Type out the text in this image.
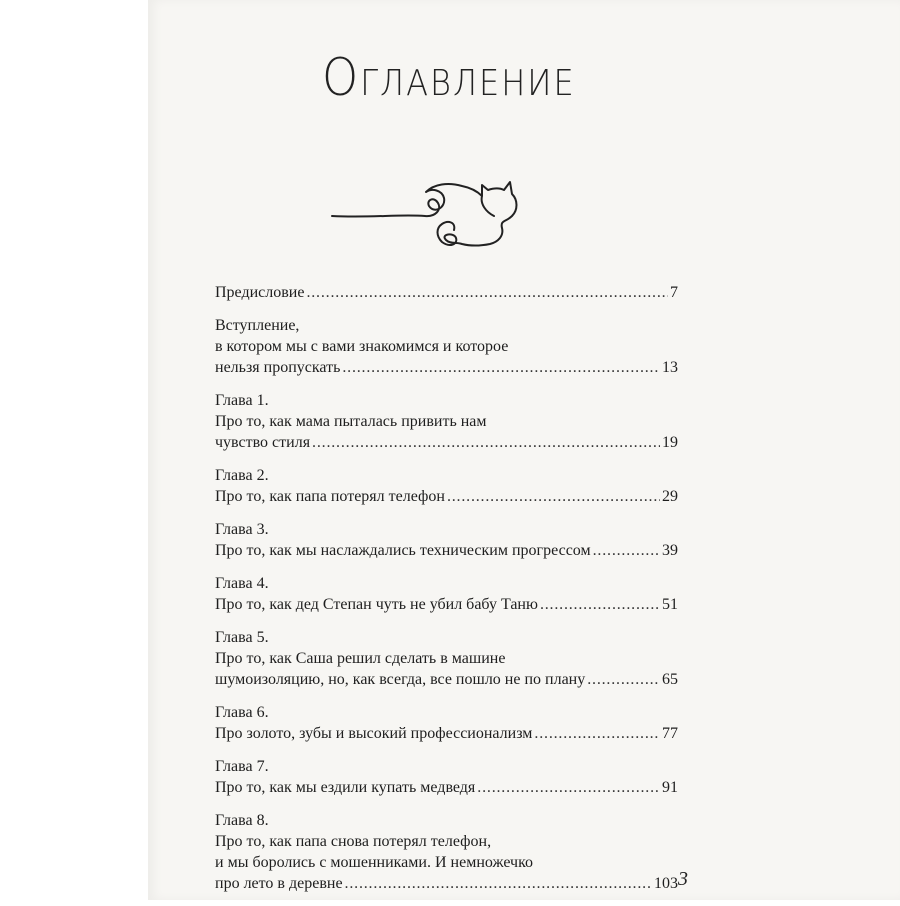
Оглавление
Предисловие . . .	7
Вступление,
в котором мы с вами знакомимся и которое
нельзя пропускать . . .	13
Глава 1.
Про то, как мама пыталась привить нам
чувство стиля . . .	19
Глава 2.
Про то, как папа потерял телефон . . .	29
Глава 3.
Про то, как мы наслаждались техническим прогрессом . . .	39
Глава 4.
Про то, как дед Степан чуть не убил бабу Таню . . .	51
Глава 5.
Про то, как Саша решил сделать в машине
шумоизоляцию, но, как всегда, все пошло не по плану . . .	65
Глава 6.
Про золото, зубы и высокий профессионализм . . .	77
Глава 7.
Про то, как мы ездили купать медведя . . .	91
Глава 8.
Про то, как папа снова потерял телефон,
и мы боролись с мошенниками. И немножечко
про лето в деревне . . .	103 3
